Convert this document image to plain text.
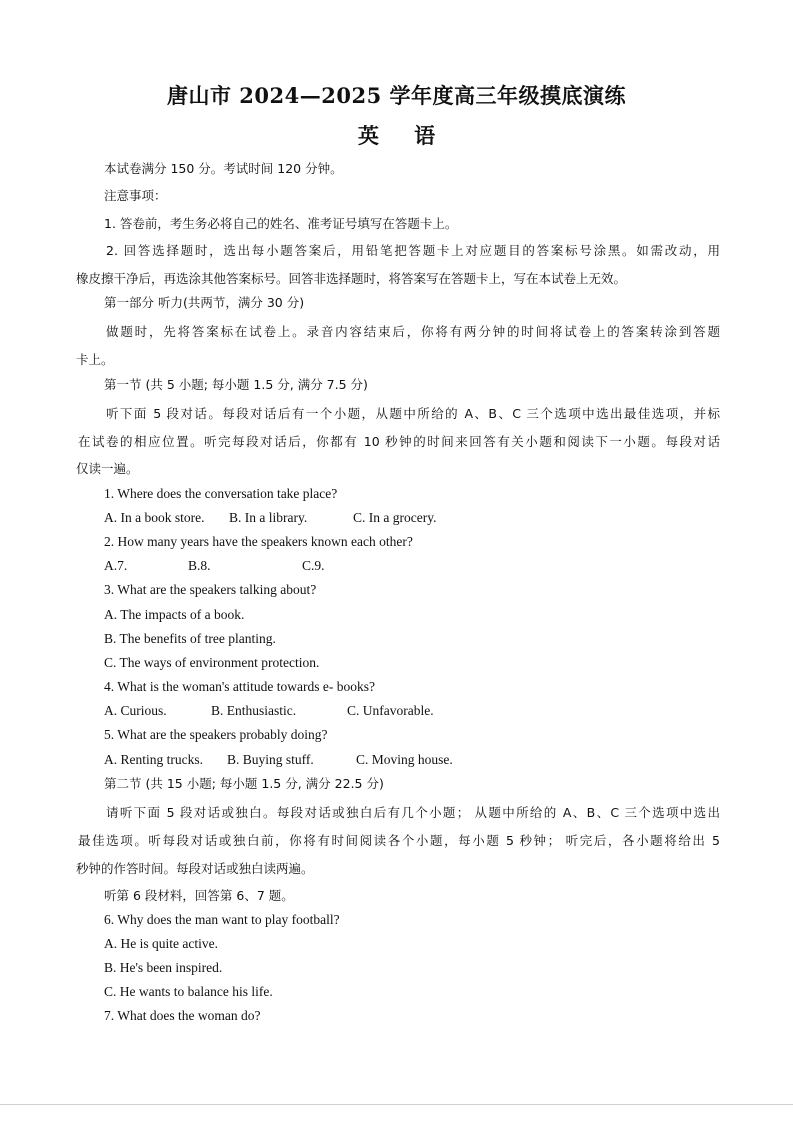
唐山市 2024—2025 学年度高三年级摸底演练
英 语
本试卷满分 150 分。考试时间 120 分钟。
注意事项：
1. 答卷前，考生务必将自己的姓名、准考证号填写在答题卡上。
2. 回答选择题时，选出每小题答案后，用铅笔把答题卡上对应题目的答案标号涂黑。如需改动，用
橡皮擦干净后，再选涂其他答案标号。回答非选择题时，将答案写在答题卡上，写在本试卷上无效。
第一部分 听力(共两节，满分 30 分)
做题时，先将答案标在试卷上。录音内容结束后，你将有两分钟的时间将试卷上的答案转涂到答题
卡上。
第一节 (共 5 小题; 每小题 1.5 分, 满分 7.5 分)
听下面 5 段对话。每段对话后有一个小题，从题中所给的 A、B、C 三个选项中选出最佳选项，并标
在试卷的相应位置。听完每段对话后，你都有 10 秒钟的时间来回答有关小题和阅读下一小题。每段对话
仅读一遍。
1. Where does the conversation take place?
A. In a book store. B. In a library.	C. In a grocery.
2. How many years have the speakers known each other?
A.7.	B.8.	C.9.
3. What are the speakers talking about?
A. The impacts of a book.
B. The benefits of tree planting.
C. The ways of environment protection.
4. What is the woman's attitude towards e- books?
A. Curious.	B. Enthusiastic.	C. Unfavorable.
5. What are the speakers probably doing?
A. Renting trucks. B. Buying stuff.	C. Moving house.
第二节 (共 15 小题; 每小题 1.5 分, 满分 22.5 分)
请听下面 5 段对话或独白。每段对话或独白后有几个小题； 从题中所给的 A、B、C 三个选项中选出
最佳选项。听每段对话或独白前，你将有时间阅读各个小题，每小题 5 秒钟； 听完后，各小题将给出 5
秒钟的作答时间。每段对话或独白读两遍。
听第 6 段材料，回答第 6、7 题。
6. Why does the man want to play football?
A. He is quite active.
B. He's been inspired.
C. He wants to balance his life.
7. What does the woman do?
